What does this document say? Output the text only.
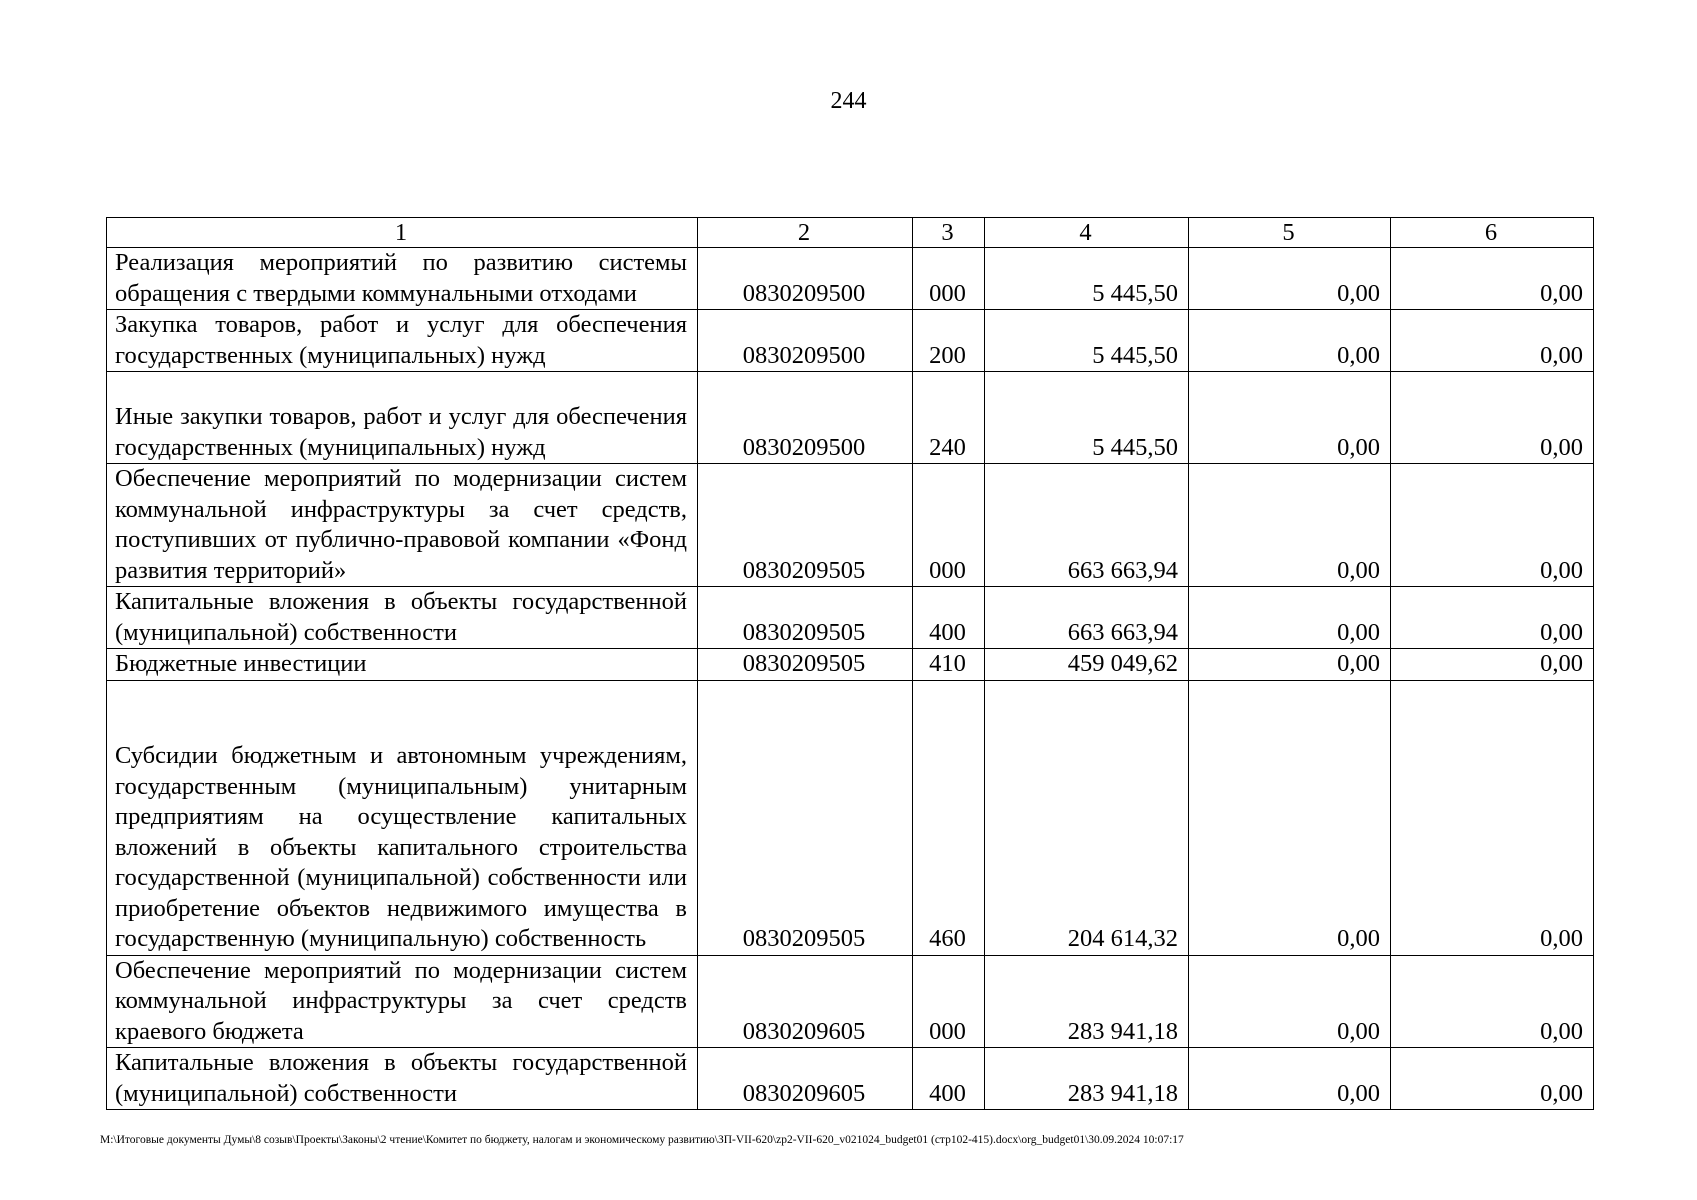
244
1	2	3	4	5	6
Реализация мероприятий по развитию системы обращения с твердыми коммунальными отходами	0830209500	000	5 445,50	0,00	0,00
Закупка товаров, работ и услуг для обеспечения государственных (муниципальных) нужд	0830209500	200	5 445,50	0,00	0,00
Иные закупки товаров, работ и услуг для обеспечения государственных (муниципальных) нужд	0830209500	240	5 445,50	0,00	0,00
Обеспечение мероприятий по модернизации систем коммунальной инфраструктуры за счет средств, поступивших от публично-правовой компании «Фонд развития территорий»	0830209505	000	663 663,94	0,00	0,00
Капитальные вложения в объекты государственной (муниципальной) собственности	0830209505	400	663 663,94	0,00	0,00
Бюджетные инвестиции	0830209505	410	459 049,62	0,00	0,00
Субсидии бюджетным и автономным учреждениям, государственным (муниципальным) унитарным предприятиям на осуществление капитальных вложений в объекты капитального строительства государственной (муниципальной) собственности или приобретение объектов недвижимого имущества в государственную (муниципальную) собственность	0830209505	460	204 614,32	0,00	0,00
Обеспечение мероприятий по модернизации систем коммунальной инфраструктуры за счет средств краевого бюджета	0830209605	000	283 941,18	0,00	0,00
Капитальные вложения в объекты государственной (муниципальной) собственности	0830209605	400	283 941,18	0,00	0,00
M:\Итоговые документы Думы\8 созыв\Проекты\Законы\2 чтение\Комитет по бюджету, налогам и экономическому развитию\ЗП-VII-620\zp2-VII-620_v021024_budget01 (стр102-415).docx\org_budget01\30.09.2024 10:07:17
